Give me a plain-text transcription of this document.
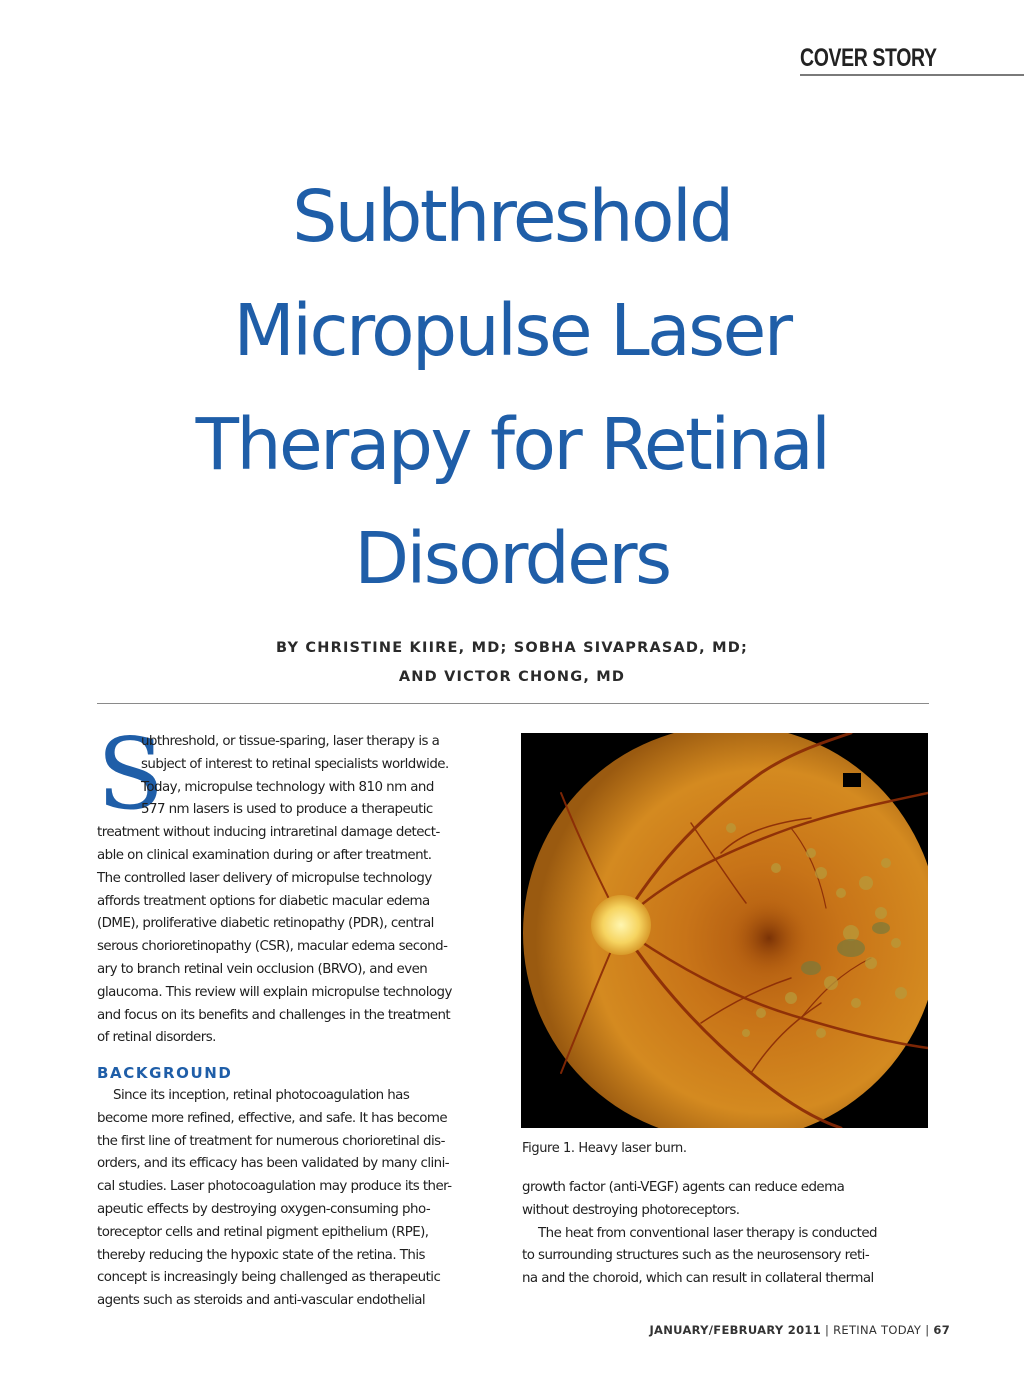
COVER STORY
Subthreshold
Micropulse Laser
Therapy for Retinal
Disorders
BY CHRISTINE KIIRE, MD; SOBHA SIVAPRASAD, MD;
AND VICTOR CHONG, MD
S
ubthreshold, or tissue-sparing, laser therapy is a
subject of interest to retinal specialists worldwide.
Today, micropulse technology with 810 nm and
577 nm lasers is used to produce a therapeutic
treatment without inducing intraretinal damage detect-
able on clinical examination during or after treatment.
The controlled laser delivery of micropulse technology
affords treatment options for diabetic macular edema
(DME), proliferative diabetic retinopathy (PDR), central
serous chorioretinopathy (CSR), macular edema second-
ary to branch retinal vein occlusion (BRVO), and even
glaucoma. This review will explain micropulse technology
and focus on its benefits and challenges in the treatment
of retinal disorders.
BACKGROUND
Since its inception, retinal photocoagulation has
become more refined, effective, and safe. It has become
the first line of treatment for numerous chorioretinal dis-
orders, and its efficacy has been validated by many clini-
cal studies. Laser photocoagulation may produce its ther-
apeutic effects by destroying oxygen-consuming pho-
toreceptor cells and retinal pigment epithelium (RPE),
thereby reducing the hypoxic state of the retina. This
concept is increasingly being challenged as therapeutic
agents such as steroids and anti-vascular endothelial
Figure 1. Heavy laser burn.
growth factor (anti-VEGF) agents can reduce edema
without destroying photoreceptors.
The heat from conventional laser therapy is conducted
to surrounding structures such as the neurosensory reti-
na and the choroid, which can result in collateral thermal
JANUARY/FEBRUARY 2011 | RETINA TODAY | 67
